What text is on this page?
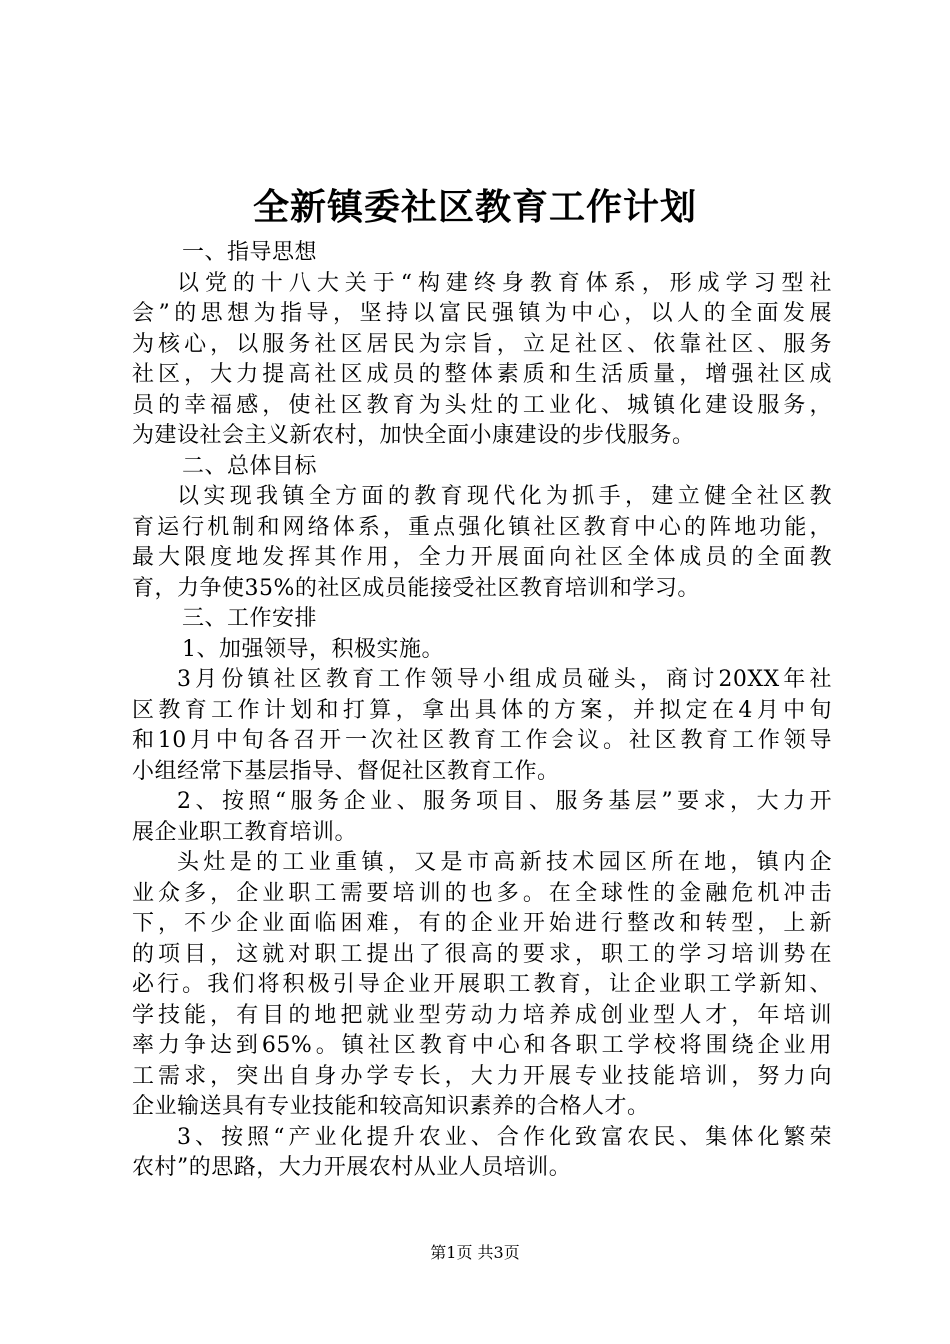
全新镇委社区教育工作计划
一、指导思想
以党的十八大关于“构建终身教育体系，形成学习型社
会”的思想为指导，坚持以富民强镇为中心，以人的全面发展
为核心，以服务社区居民为宗旨，立足社区、依靠社区、服务
社区，大力提高社区成员的整体素质和生活质量，增强社区成
员的幸福感，使社区教育为头灶的工业化、城镇化建设服务，
为建设社会主义新农村，加快全面小康建设的步伐服务。
二、总体目标
以实现我镇全方面的教育现代化为抓手，建立健全社区教
育运行机制和网络体系，重点强化镇社区教育中心的阵地功能，
最大限度地发挥其作用，全力开展面向社区全体成员的全面教
育，力争使35%的社区成员能接受社区教育培训和学习。
三、工作安排
1、加强领导，积极实施。
3月份镇社区教育工作领导小组成员碰头，商讨20XX年社
区教育工作计划和打算，拿出具体的方案，并拟定在4月中旬
和10月中旬各召开一次社区教育工作会议。社区教育工作领导
小组经常下基层指导、督促社区教育工作。
2、按照“服务企业、服务项目、服务基层”要求，大力开
展企业职工教育培训。
头灶是的工业重镇，又是市高新技术园区所在地，镇内企
业众多，企业职工需要培训的也多。在全球性的金融危机冲击
下，不少企业面临困难，有的企业开始进行整改和转型，上新
的项目，这就对职工提出了很高的要求，职工的学习培训势在
必行。我们将积极引导企业开展职工教育，让企业职工学新知、
学技能，有目的地把就业型劳动力培养成创业型人才，年培训
率力争达到65%。镇社区教育中心和各职工学校将围绕企业用
工需求，突出自身办学专长，大力开展专业技能培训，努力向
企业输送具有专业技能和较高知识素养的合格人才。
3、按照“产业化提升农业、合作化致富农民、集体化繁荣
农村”的思路，大力开展农村从业人员培训。
第1页 共3页
